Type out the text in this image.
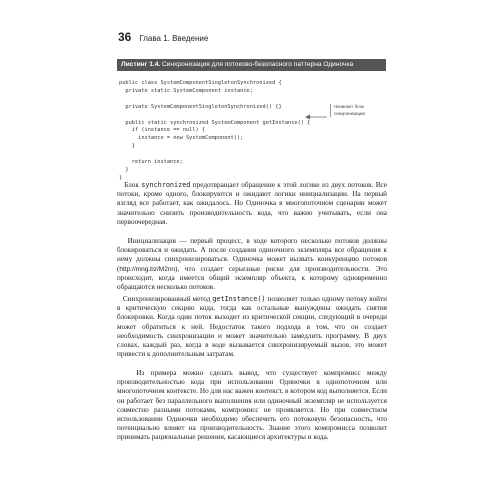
36 Глава 1. Введение
Листинг 1.4. Синхронизация для потоково-безопасного паттерна Одиночка
public class SystemComponentSingletonSynchronized {
private static SystemComponent instance;

private SystemComponentSingletonSynchronized() {}

public static synchronized SystemComponent getInstance() {
if (instance == null) {
instance = new SystemComponent();
}

return instance;
}
}
Начинает блок синхронизации

Блок synchronized предотвращает обращение к этой логике из двух потоков. Все потоки, кроме одного, блокируются и ожидают логики инициализации. На первый взгляд все работает, как ожидалось. Но Одиночка в многопоточном сценарии может значительно снизить производительность кода, что важно учитывать, если она первоочередная.

Инициализация — первый процесс, в ходе которого несколько потоков должны блокироваться и ожидать. А после создания одиночного экземпляра все обращения к нему должны синхронизироваться. Одиночка может вызвать конкуренцию потоков (http://mng.bz/M2nn), что создает серьезные риски для производительности. Это происходит, когда имеется общий экземпляр объекта, к которому одновременно обращаются несколько потоков.

Синхронизированный метод getInstance() позволяет только одному потоку войти в критическую секцию кода, тогда как остальные вынуждены ожидать снятия блокировки. Когда один поток выходит из критической секции, следующий в очереди может обратиться к ней. Недостаток такого подхода в том, что он создает необходимость синхронизации и может значительно замедлить программу. В двух словах, каждый раз, когда в коде вызывается синхронизируемый вызов, это может привести к дополнительным затратам.

Из примера можно сделать вывод, что существует компромисс между производительностью кода при использовании Одиночки в однопоточном или многопоточном контексте. Но для нас важен контекст, в котором код выполняется. Если он работает без параллельного выполнения или одиночный экземпляр не используется совместно разными потоками, компромисс не проявляется. Но при совместном использовании Одиночки необходимо обеспечить его потоковую безопасность, что потенциально влияет на производительность. Знание этого компромисса позволит принимать рациональные решения, касающиеся архитектуры и кода.
